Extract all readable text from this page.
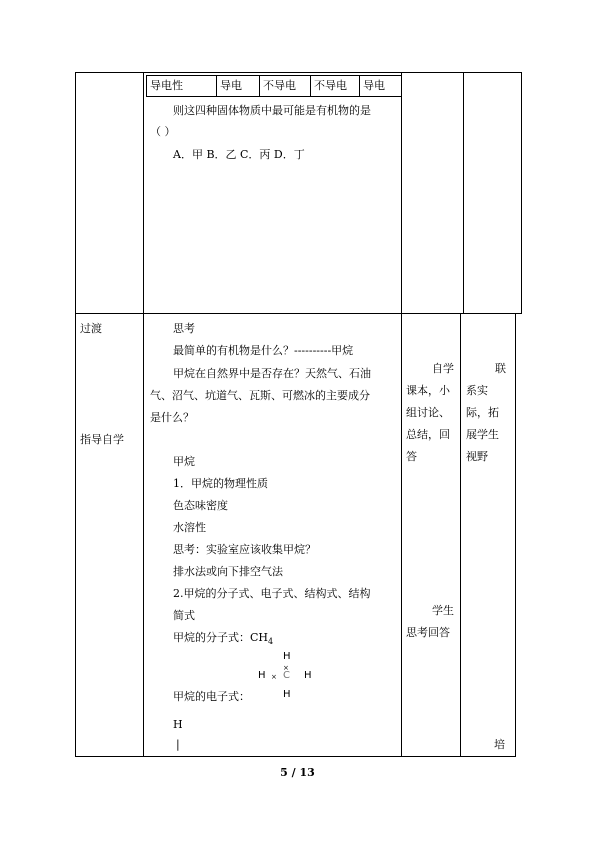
导电性	导电	不导电	不导电	导电
则这四种固体物质中最可能是有机物的是
（ ）
A．甲 B．乙 C．丙 D．丁
过渡
指导自学
思考
最简单的有机物是什么？----------甲烷
甲烷在自然界中是否存在？天然气、石油
气、沼气、坑道气、瓦斯、可燃冰的主要成分
是什么？
甲烷
1．甲烷的物理性质
色态味密度
水溶性
思考：实验室应该收集甲烷？
排水法或向下排空气法
2.甲烷的分子式、电子式、结构式、结构
简式
甲烷的分子式：$CH_4$
H
×
H × C H
H
甲烷的电子式：
H
|
自学
课本，小
组讨论、
总结，回
答
学生
思考回答
联
系实
际，拓
展学生
视野
培
5 / 13
